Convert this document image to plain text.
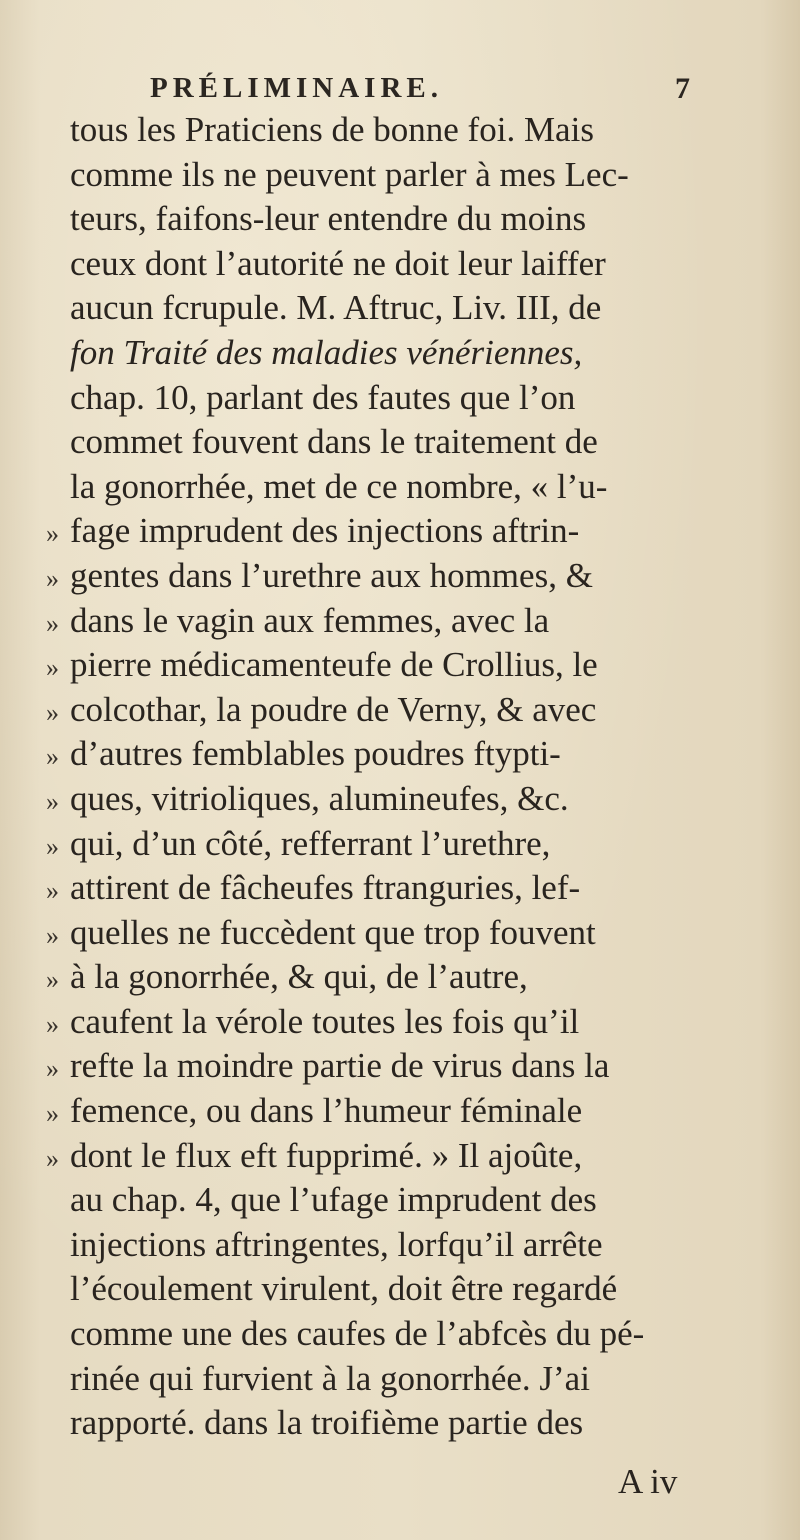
PRÉLIMINAIRE.	7
tous les Praticiens de bonne foi. Mais
comme ils ne peuvent parler à mes Lec-
teurs, faifons-leur entendre du moins
ceux dont l’autorité ne doit leur laiffer
aucun fcrupule. M. Aftruc, Liv. III, de
fon Traité des maladies vénériennes,
chap. 10, parlant des fautes que l’on
commet fouvent dans le traitement de
la gonorrhée, met de ce nombre, « l’u-
» fage imprudent des injections aftrin-
» gentes dans l’urethre aux hommes, &
» dans le vagin aux femmes, avec la
» pierre médicamenteufe de Crollius, le
» colcothar, la poudre de Verny, & avec
» d’autres femblables poudres ftypti-
» ques, vitrioliques, alumineufes, &c.
» qui, d’un côté, refferrant l’urethre,
» attirent de fâcheufes ftranguries, lef-
» quelles ne fuccèdent que trop fouvent
» à la gonorrhée, & qui, de l’autre,
» caufent la vérole toutes les fois qu’il
» refte la moindre partie de virus dans la
» femence, ou dans l’humeur féminale
» dont le flux eft fupprimé. » Il ajoûte,
au chap. 4, que l’ufage imprudent des
injections aftringentes, lorfqu’il arrête
l’écoulement virulent, doit être regardé
comme une des caufes de l’abfcès du pé-
rinée qui furvient à la gonorrhée. J’ai
rapporté. dans la troifième partie des
A iv
